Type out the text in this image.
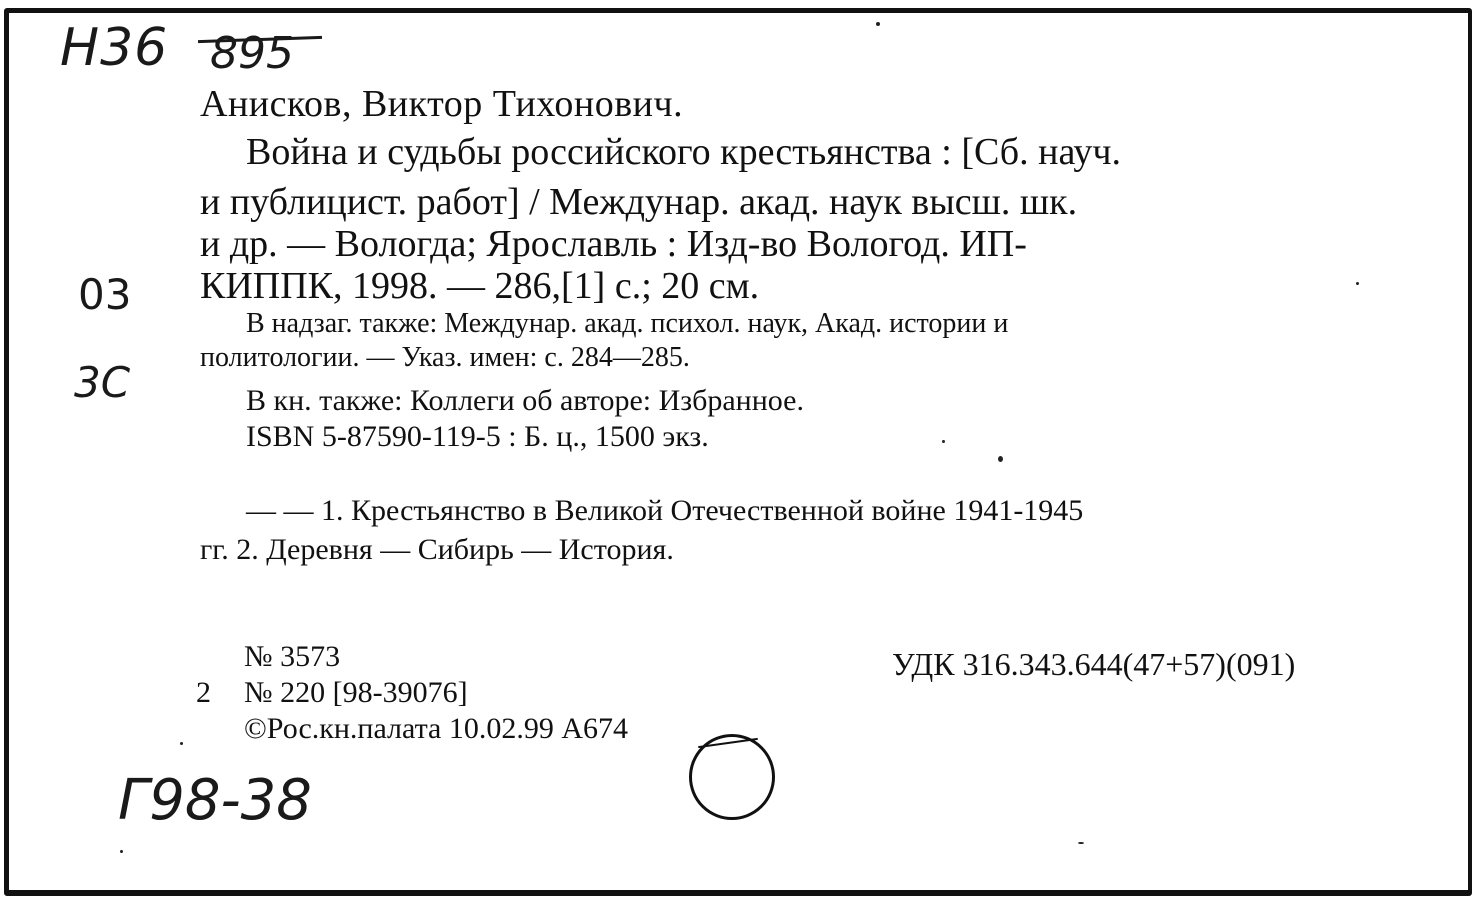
Н36 895
03
3С
Г98-38
Анисков, Виктор Тихонович.
Война и судьбы российского крестьянства : [Сб. науч.
и публицист. работ] / Междунар. акад. наук высш. шк.
и др. — Вологда; Ярославль : Изд-во Вологод. ИП-
КИППК, 1998. — 286,[1] с.; 20 см.
В надзаг. также: Междунар. акад. психол. наук, Акад. истории и
политологии. — Указ. имен: с. 284—285.
В кн. также: Коллеги об авторе: Избранное.
ISBN 5-87590-119-5 : Б. ц., 1500 экз.
— — 1. Крестьянство в Великой Отечественной войне 1941-1945
гг. 2. Деревня — Сибирь — История.
№ 3573
2 № 220 [98-39076]
©Рос.кн.палата 10.02.99 А674
УДК 316.343.644(47+57)(091)
